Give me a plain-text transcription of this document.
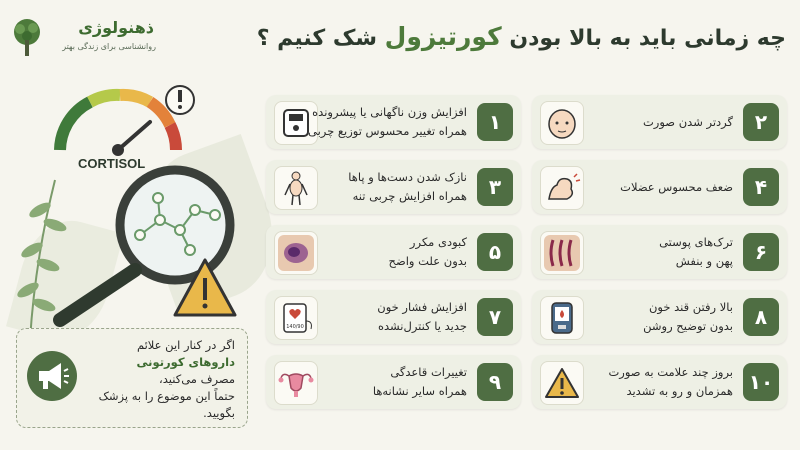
ذهنولوژی
روانشناسی برای زندگی بهتر	چه زمانی باید به بالا بودن کورتیزول شک کنیم ؟
CORTISOL
اگر در کنار این علائم
داروهای کورتونی
مصرف می‌کنید،
حتماً این موضوع را به پزشک بگویید.
۱
افزایش وزن ناگهانی یا پیشرونده
همراه تغییر محسوس توزیع چربی	۲
گردتر شدن صورت
۳
نازک شدن دست‌ها و پاها
همراه افزایش چربی تنه	۴
ضعف محسوس عضلات
۵
کبودی مکرر
بدون علت واضح	۶
ترک‌های پوستی
پهن و بنفش
140/90	۷
افزایش فشار خون
جدید یا کنترل‌نشده	۸
بالا رفتن قند خون
بدون توضیح روشن
۹
تغییرات قاعدگی
همراه سایر نشانه‌ها	۱۰
بروز چند علامت به صورت
همزمان و رو به تشدید
